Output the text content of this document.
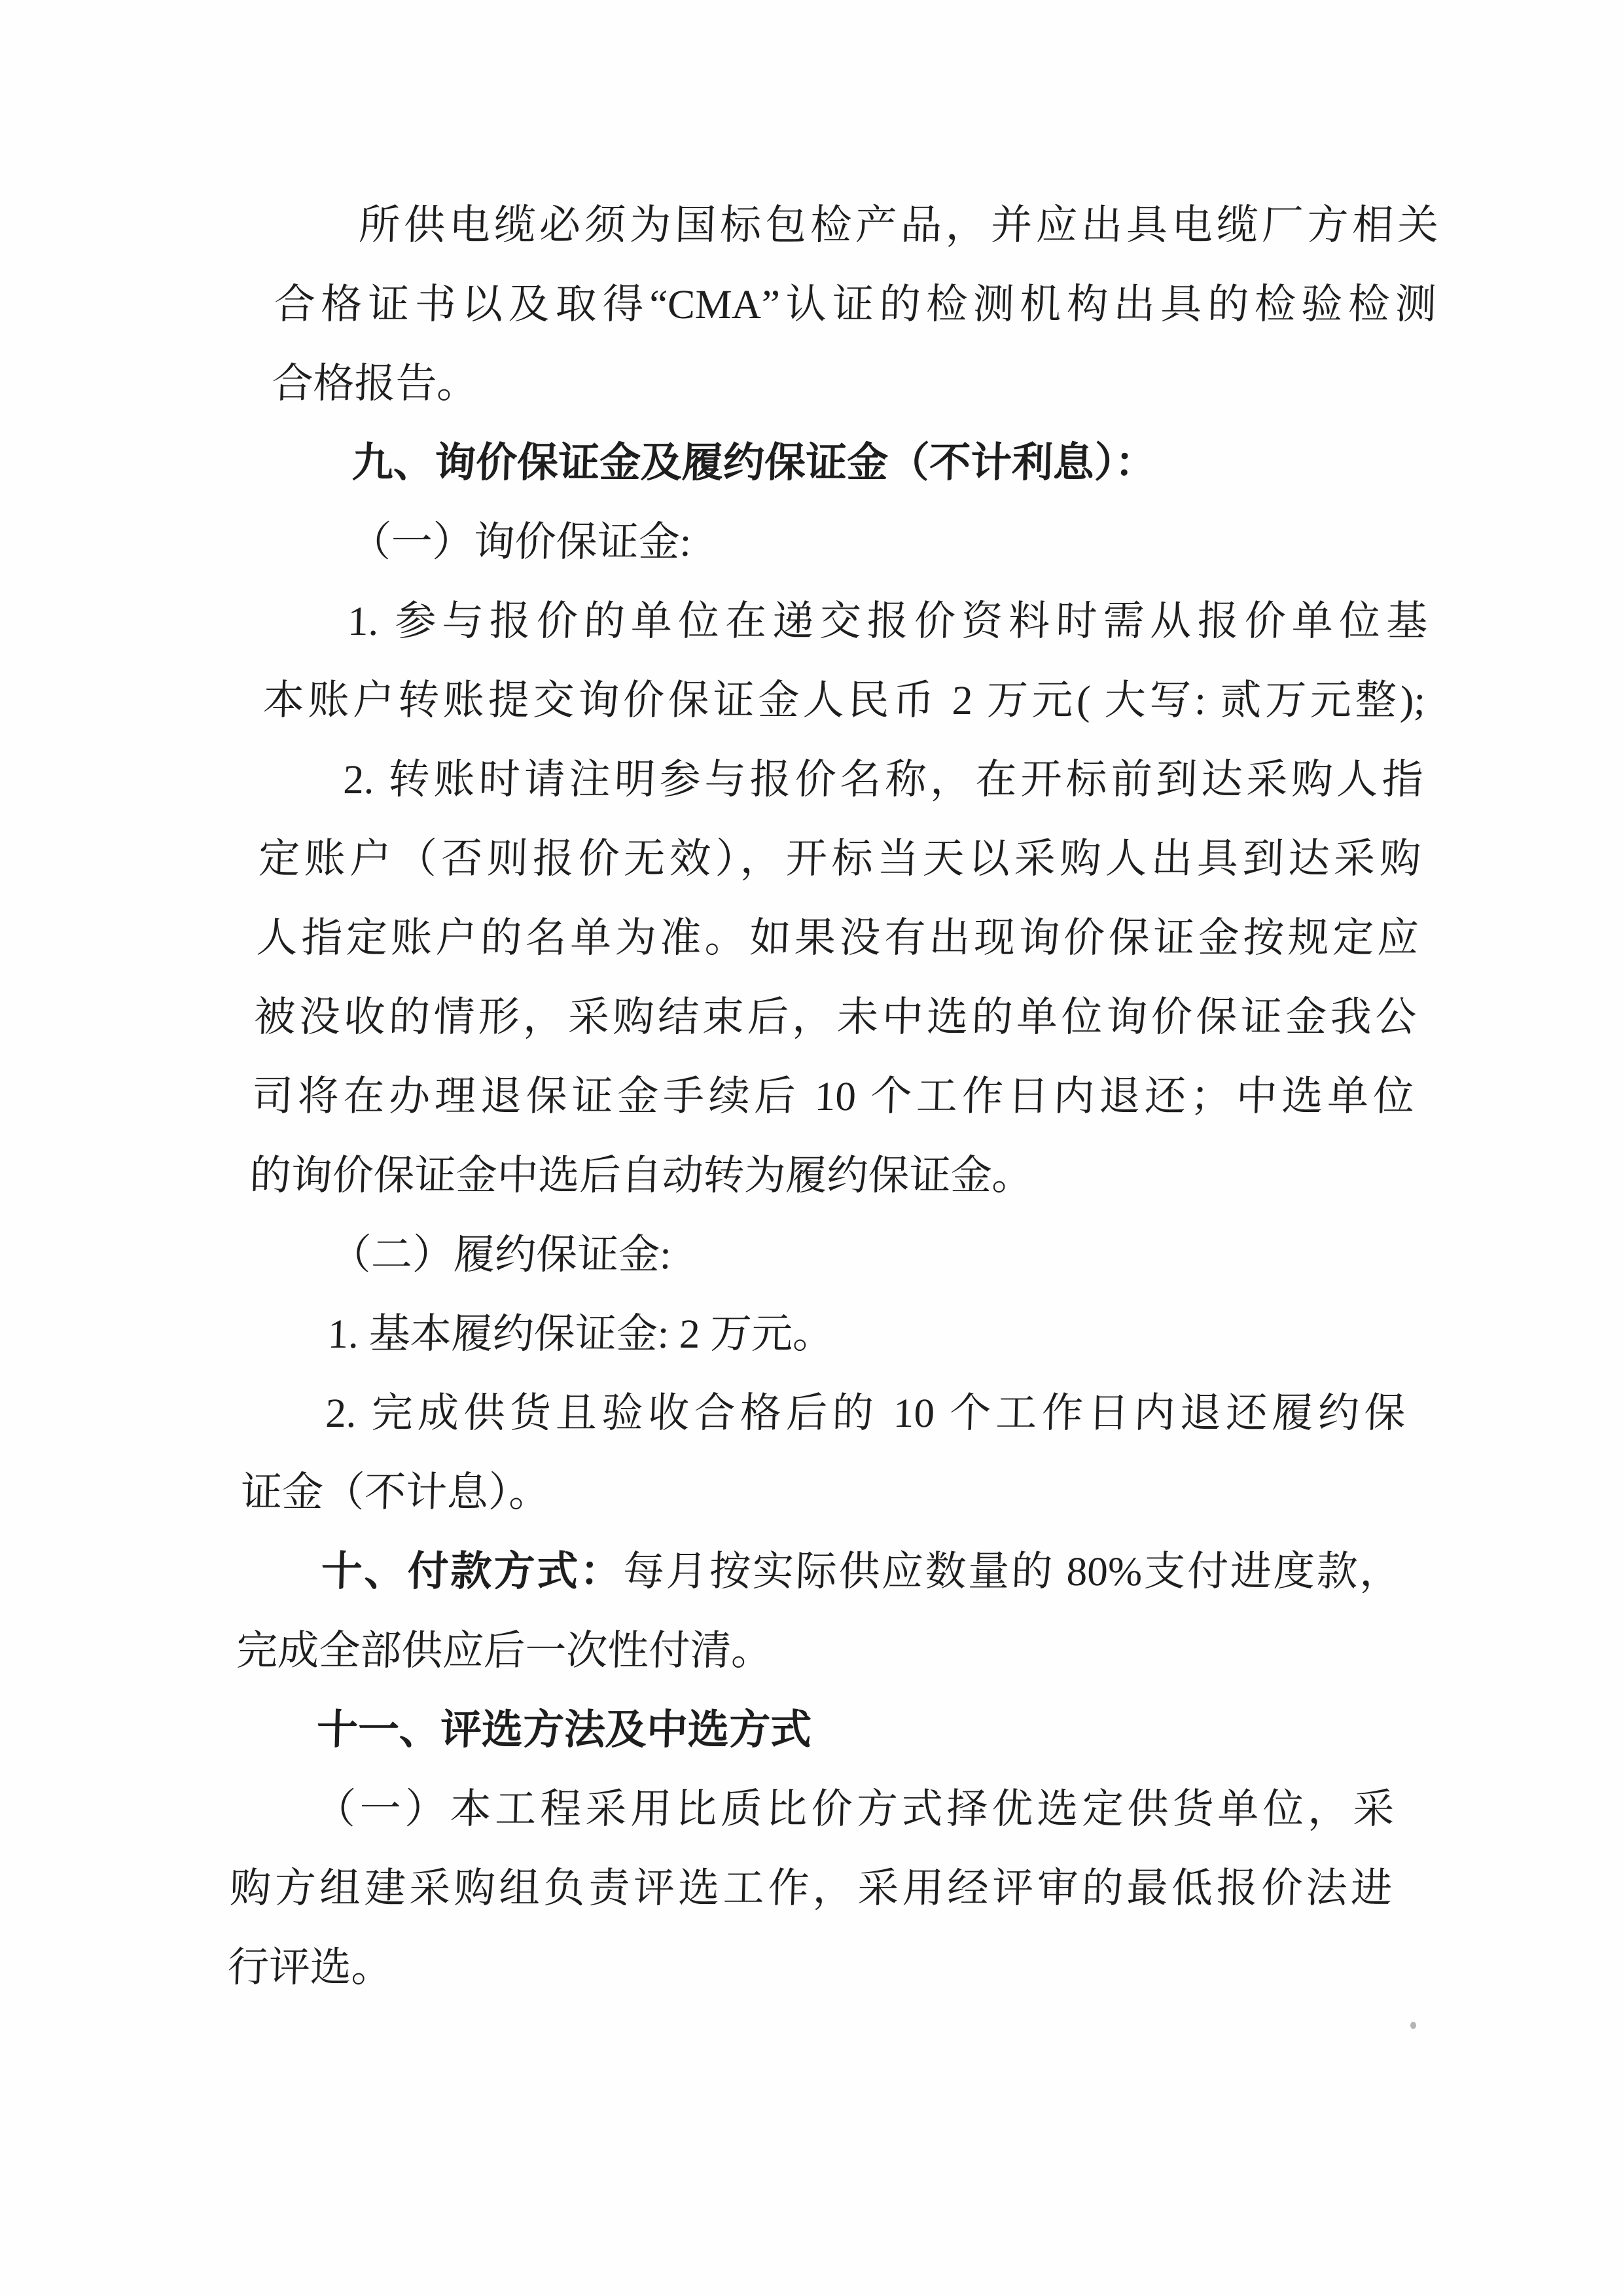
所供电缆必须为国标包检产品，并应出具电缆厂方相关
合格证书以及取得“CMA”认证的检测机构出具的检验检测
合格报告。
九、询价保证金及履约保证金（不计利息）：
（一）询价保证金:
1. 参与报价的单位在递交报价资料时需从报价单位基
本账户转账提交询价保证金人民币 2 万元( 大写: 贰万元整);
2. 转账时请注明参与报价名称，在开标前到达采购人指
定账户（否则报价无效），开标当天以采购人出具到达采购
人指定账户的名单为准。如果没有出现询价保证金按规定应
被没收的情形，采购结束后，未中选的单位询价保证金我公
司将在办理退保证金手续后 10 个工作日内退还；中选单位
的询价保证金中选后自动转为履约保证金。
（二）履约保证金:
1. 基本履约保证金: 2 万元。
2. 完成供货且验收合格后的 10 个工作日内退还履约保
证金（不计息）。
十、付款方式：每月按实际供应数量的 80%支付进度款，
完成全部供应后一次性付清。
十一、评选方法及中选方式
（一）本工程采用比质比价方式择优选定供货单位，采
购方组建采购组负责评选工作，采用经评审的最低报价法进
行评选。
